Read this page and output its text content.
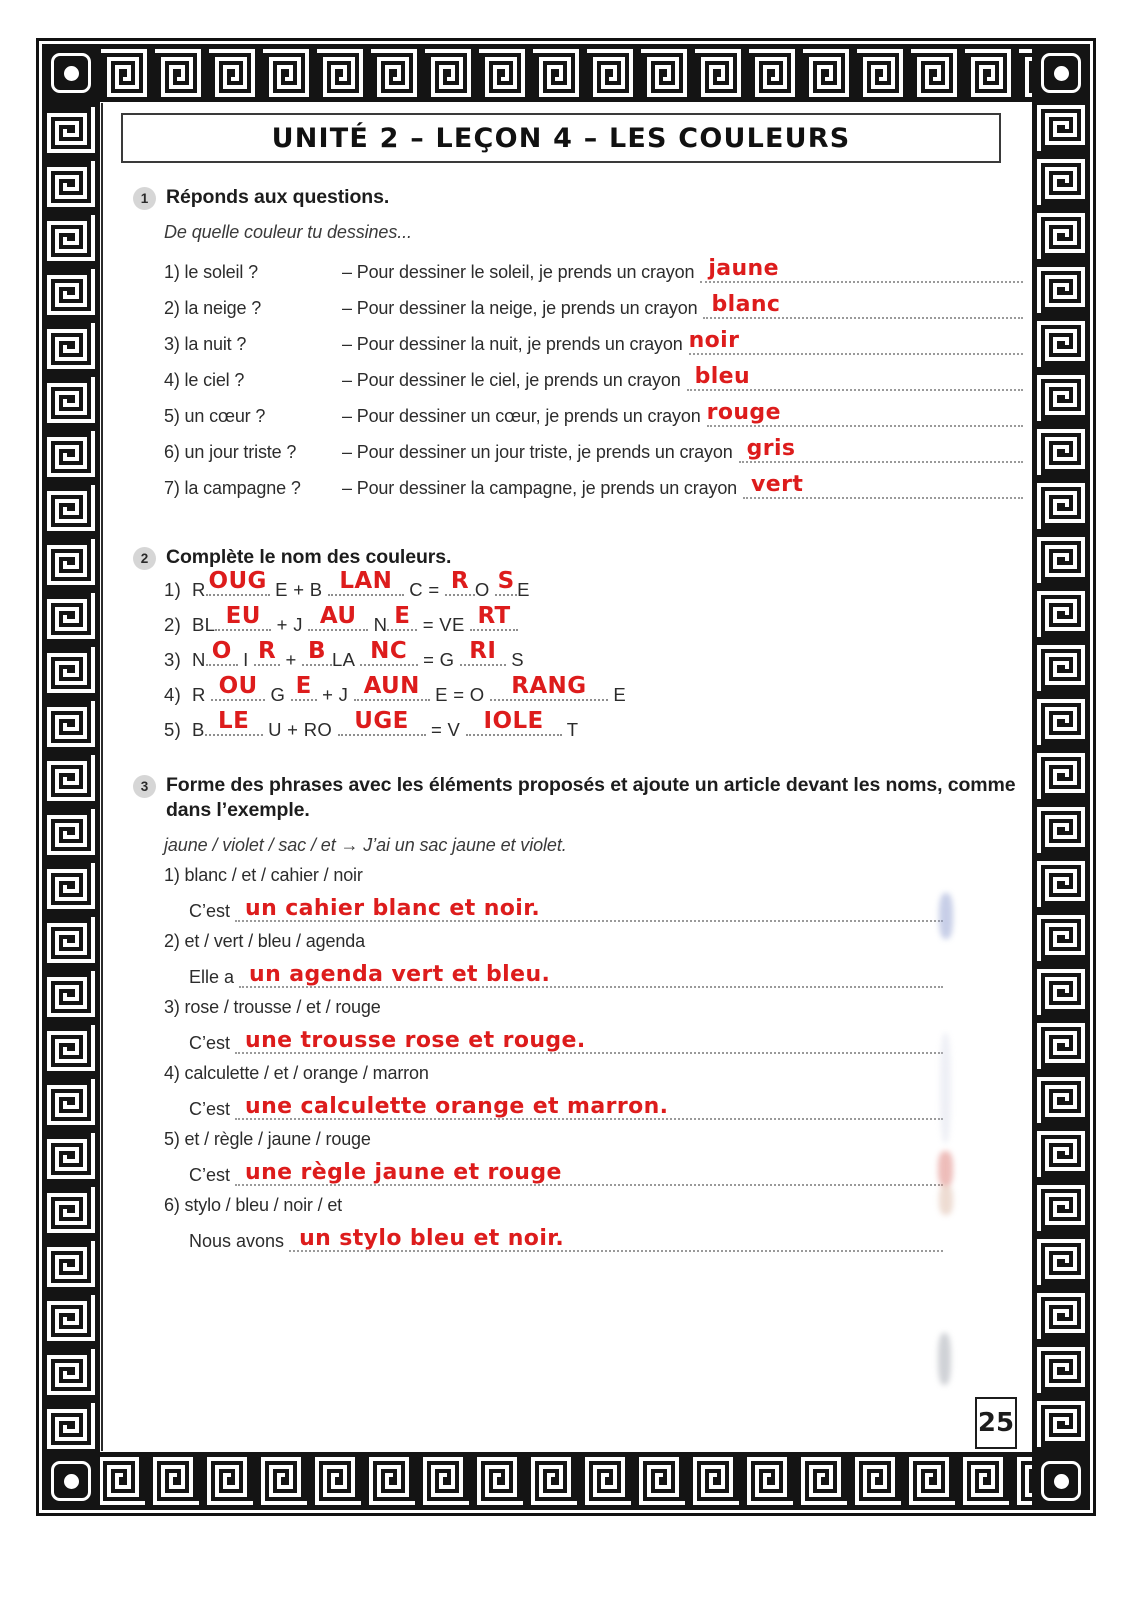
UNITÉ 2 – LEÇON 4 – LES COULEURS
1 Réponds aux questions.
De quelle couleur tu dessines...
1) le soleil ?	– Pour dessiner le soleil, je prends un crayon jaune
2) la neige ?	– Pour dessiner la neige, je prends un crayon blanc
3) la nuit ?	– Pour dessiner la nuit, je prends un crayon noir
4) le ciel ?	– Pour dessiner le ciel, je prends un crayon bleu
5) un cœur ?	– Pour dessiner un cœur, je prends un crayon rouge
6) un jour triste ?	– Pour dessiner un jour triste, je prends un crayon gris
7) la campagne ?	– Pour dessiner la campagne, je prends un crayon vert
2 Complète le nom des couleurs.
1) R OUG E + B LAN C = R O S E
2) BL EU + J AU N E = VE RT
3) N O I R + B LA NC = G RI S
4) R OU G E + J AUN E = O RANG E
5) B LE U + RO UGE = V IOLE T
3 Forme des phrases avec les éléments proposés et ajoute un article devant les noms, comme dans l’exemple.
jaune / violet / sac / et → J’ai un sac jaune et violet.
1) blanc / et / cahier / noir
C’est un cahier blanc et noir.
2) et / vert / bleu / agenda
Elle a un agenda vert et bleu.
3) rose / trousse / et / rouge
C’est une trousse rose et rouge.
4) calculette / et / orange / marron
C’est une calculette orange et marron.
5) et / règle / jaune / rouge
C’est une règle jaune et rouge
6) stylo / bleu / noir / et
Nous avons un stylo bleu et noir.
25
